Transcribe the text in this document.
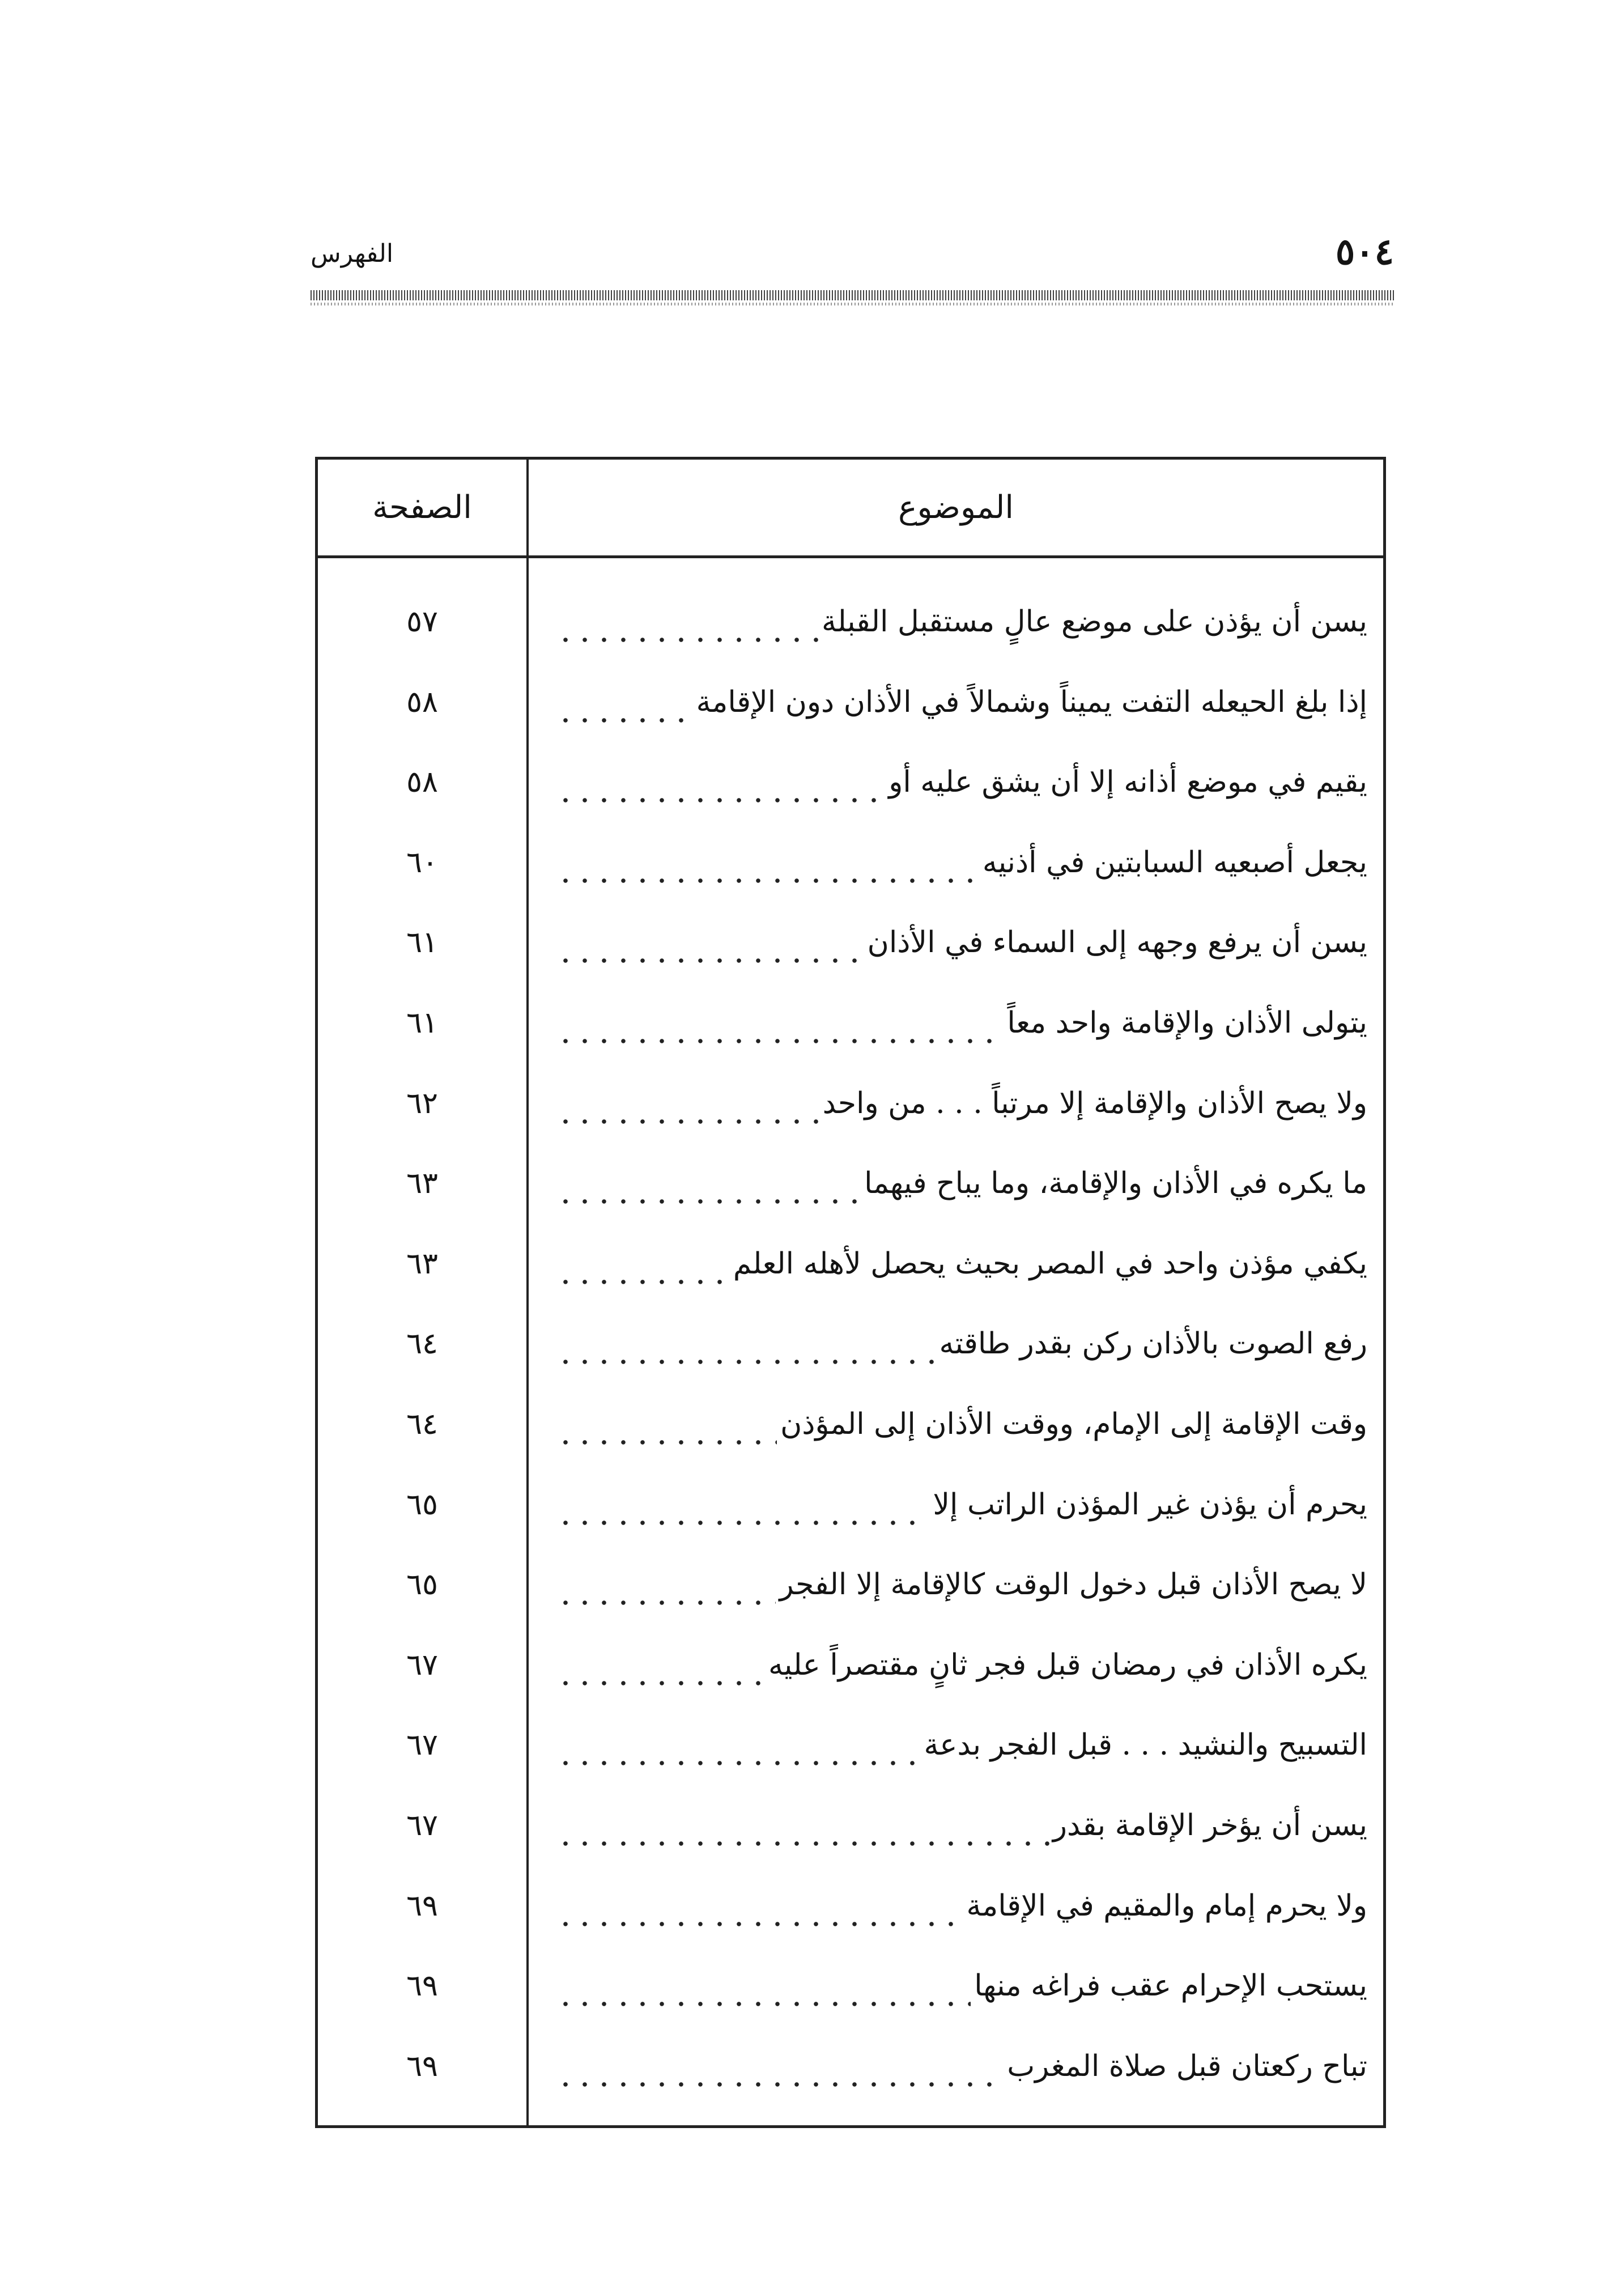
٥٠٤
الفهرس
الموضوع
الصفحة
يسن أن يؤذن على موضع عالٍ مستقبل القبلة
٥٧
إذا بلغ الحيعله التفت يميناً وشمالاً في الأذان دون الإقامة
٥٨
يقيم في موضع أذانه إلا أن يشق عليه أو
٥٨
يجعل أصبعيه السبابتين في أذنيه
٦٠
يسن أن يرفع وجهه إلى السماء في الأذان
٦١
يتولى الأذان والإقامة واحد معاً
٦١
ولا يصح الأذان والإقامة إلا مرتباً . . . من واحد
٦٢
ما يكره في الأذان والإقامة، وما يباح فيهما
٦٣
يكفي مؤذن واحد في المصر بحيث يحصل لأهله العلم
٦٣
رفع الصوت بالأذان ركن بقدر طاقته
٦٤
وقت الإقامة إلى الإمام، ووقت الأذان إلى المؤذن
٦٤
يحرم أن يؤذن غير المؤذن الراتب إلا
٦٥
لا يصح الأذان قبل دخول الوقت كالإقامة إلا الفجر
٦٥
يكره الأذان في رمضان قبل فجر ثانٍ مقتصراً عليه
٦٧
التسبيح والنشيد . . . قبل الفجر بدعة
٦٧
يسن أن يؤخر الإقامة بقدر
٦٧
ولا يحرم إمام والمقيم في الإقامة
٦٩
يستحب الإحرام عقب فراغه منها
٦٩
تباح ركعتان قبل صلاة المغرب
٦٩
